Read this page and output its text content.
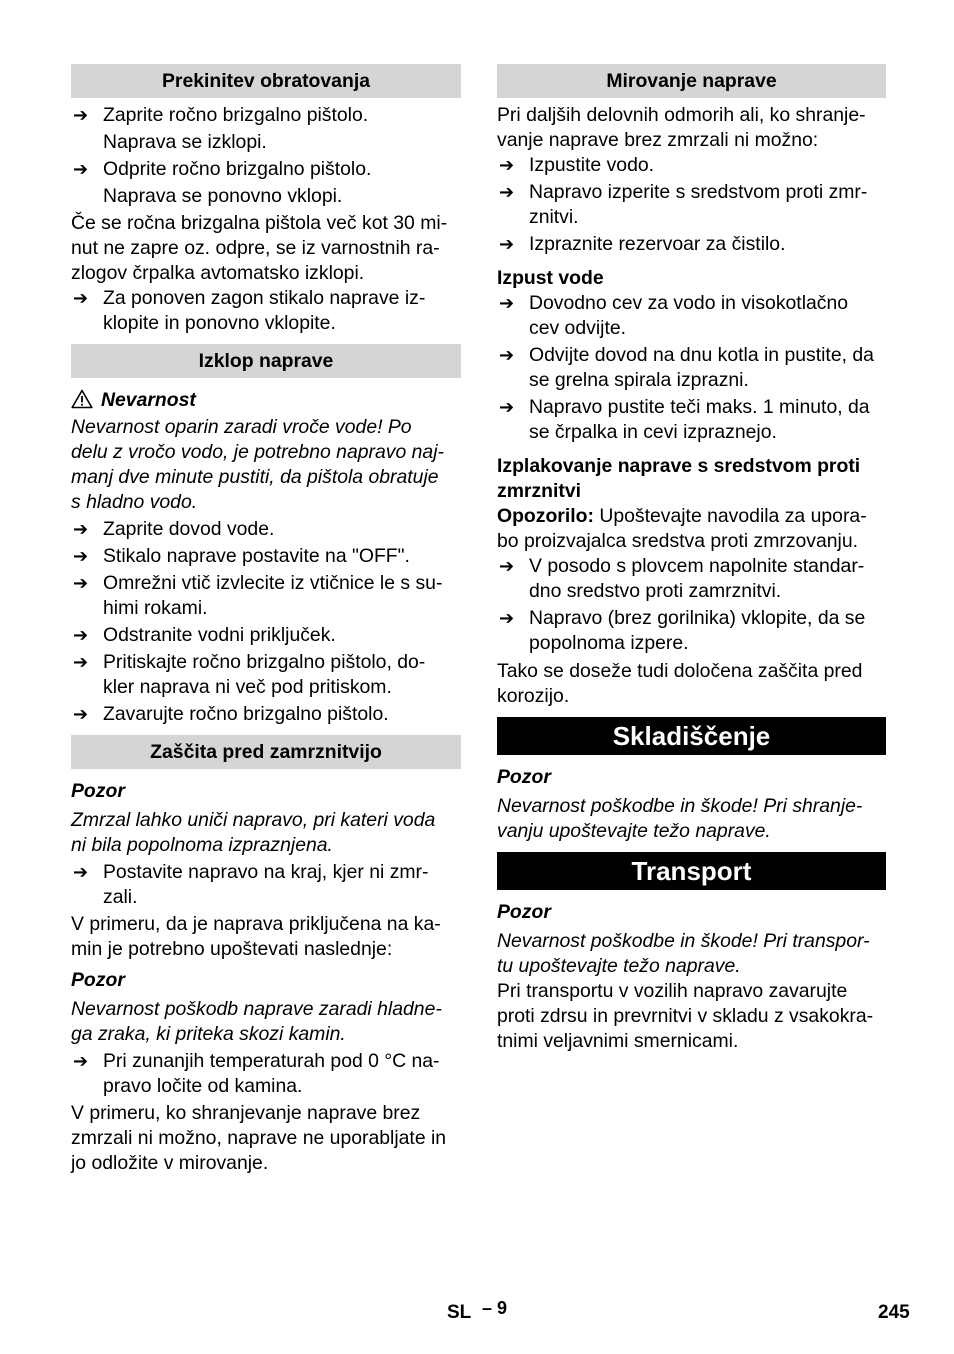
Prekinitev obratovanja
➔ Zaprite ročno brizgalno pištolo.

Naprava se izklopi.

➔ Odprite ročno brizgalno pištolo.

Naprava se ponovno vklopi.

Če se ročna brizgalna pištola več kot 30 mi-

nut ne zapre oz. odpre, se iz varnostnih ra-

zlogov črpalka avtomatsko izklopi.

➔ Za ponoven zagon stikalo naprave iz-

klopite in ponovno vklopite.

Izklop naprave

Nevarnost

Nevarnost oparin zaradi vroče vode! Po

delu z vročo vodo, je potrebno napravo naj-

manj dve minute pustiti, da pištola obratuje

s hladno vodo.

➔ Zaprite dovod vode.
➔ Stikalo naprave postavite na "OFF".
➔ Omrežni vtič izvlecite iz vtičnice le s su-

himi rokami.

➔ Odstranite vodni priključek.
➔ Pritiskajte ročno brizgalno pištolo, do-

kler naprava ni več pod pritiskom.

➔ Zavarujte ročno brizgalno pištolo.
Zaščita pred zamrznitvijo

Pozor

Zmrzal lahko uniči napravo, pri kateri voda

ni bila popolnoma izpraznjena.

➔ Postavite napravo na kraj, kjer ni zmr-

zali.

V primeru, da je naprava priključena na ka-

min je potrebno upoštevati naslednje:

Pozor

Nevarnost poškodb naprave zaradi hladne-

ga zraka, ki priteka skozi kamin.

➔ Pri zunanjih temperaturah pod 0 °C na-

pravo ločite od kamina.

V primeru, ko shranjevanje naprave brez

zmrzali ni možno, naprave ne uporabljate in

jo odložite v mirovanje.

Mirovanje naprave

Pri daljših delovnih odmorih ali, ko shranje-

vanje naprave brez zmrzali ni možno:

➔ Izpustite vodo.
➔ Napravo izperite s sredstvom proti zmr-

znitvi.

➔ Izpraznite rezervoar za čistilo.

Izpust vode

➔ Dovodno cev za vodo in visokotlačno

cev odvijte.

➔ Odvijte dovod na dnu kotla in pustite, da

se grelna spirala izprazni.

➔ Napravo pustite teči maks. 1 minuto, da

se črpalka in cevi izpraznejo.

Izplakovanje naprave s sredstvom proti

zmrznitvi

Opozorilo: Upoštevajte navodila za upora-

bo proizvajalca sredstva proti zmrzovanju.

➔ V posodo s plovcem napolnite standar-

dno sredstvo proti zamrznitvi.

➔ Napravo (brez gorilnika) vklopite, da se

popolnoma izpere.

Tako se doseže tudi določena zaščita pred

korozijo.

Skladiščenje

Pozor

Nevarnost poškodbe in škode! Pri shranje-

vanju upoštevajte težo naprave.

Transport

Pozor

Nevarnost poškodbe in škode! Pri transpor-

tu upoštevajte težo naprave.

Pri transportu v vozilih napravo zavarujte

proti zdrsu in prevrnitvi v skladu z vsakokra-

tnimi veljavnimi smernicami.

SL – 9	245
